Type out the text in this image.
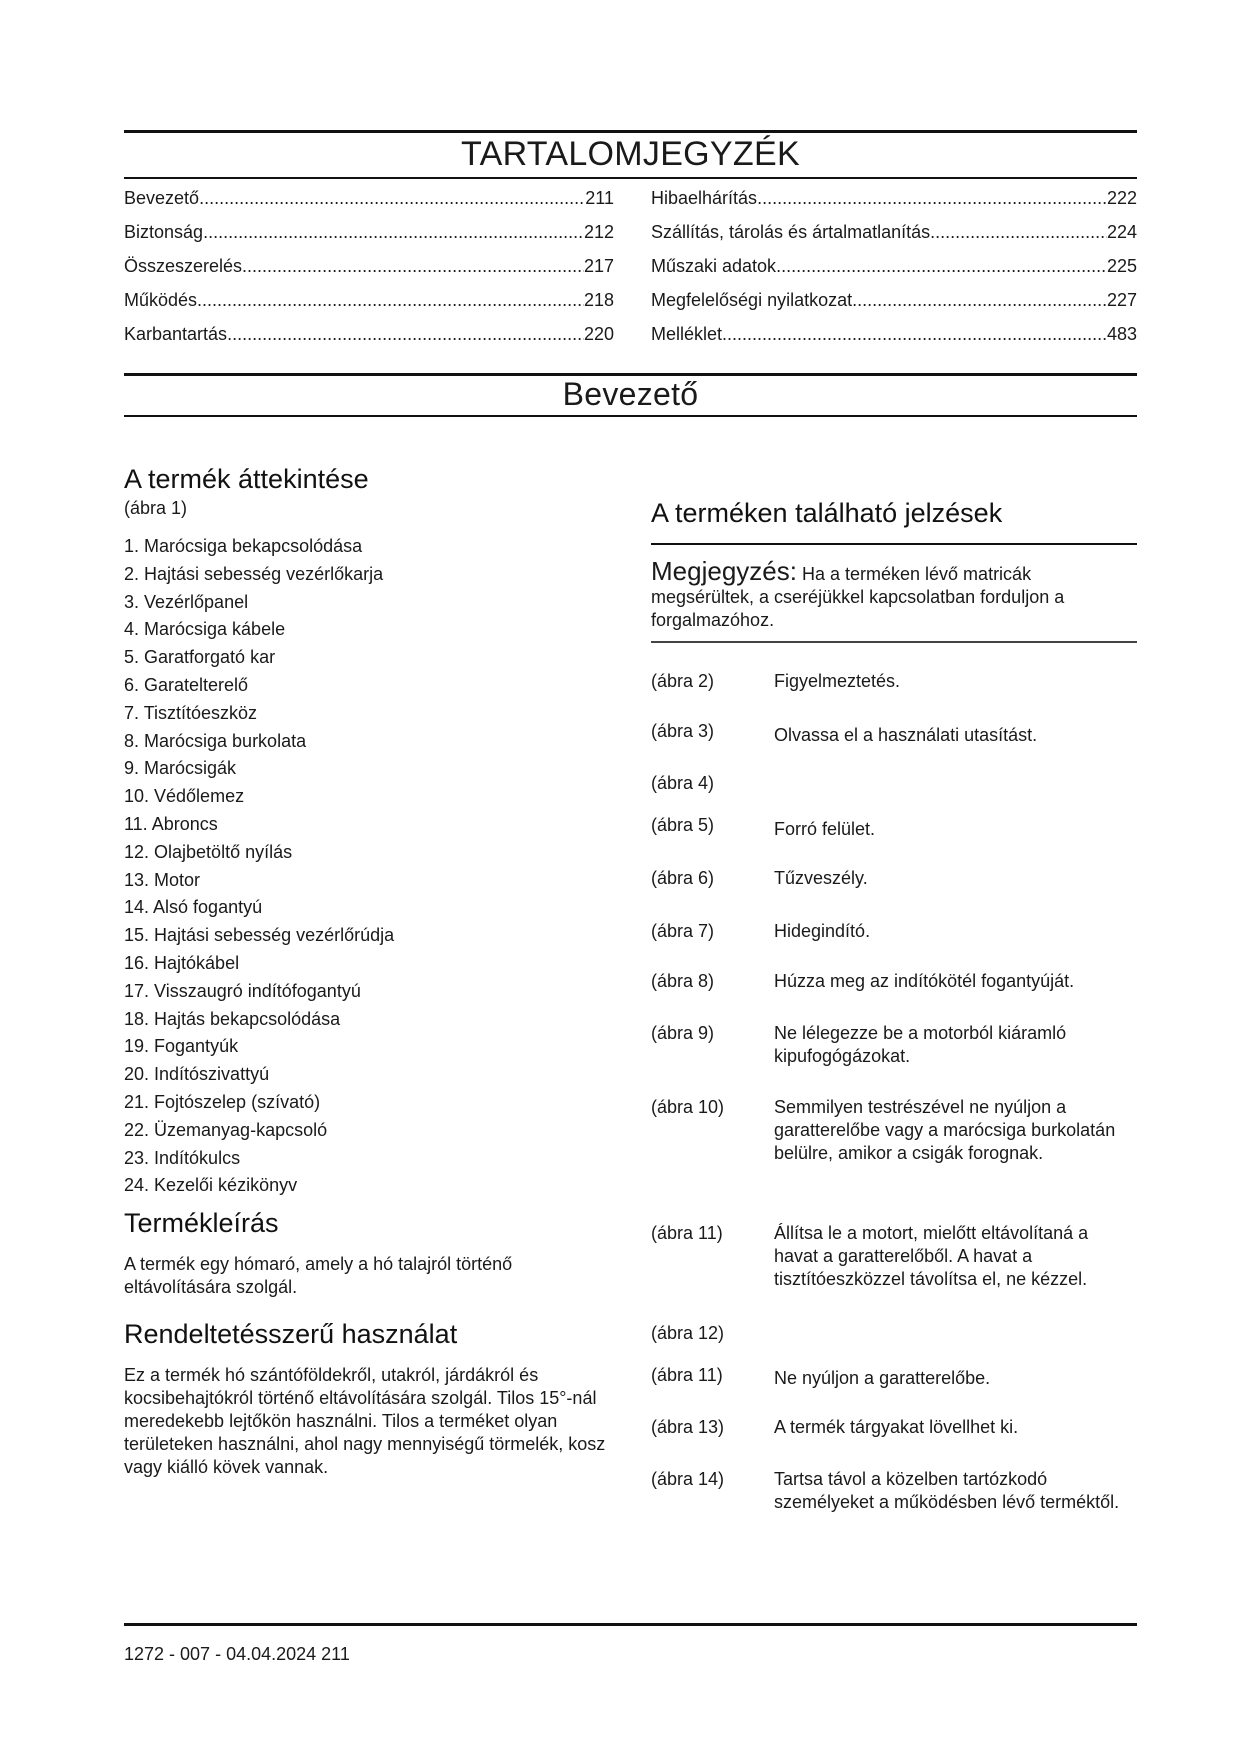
TARTALOMJEGYZÉK
Bevezető .....	211
Biztonság .....	212
Összeszerelés .....	217
Működés .....	218
Karbantartás .....	220
Hibaelhárítás .....	222
Szállítás, tárolás és ártalmatlanítás .....	224
Műszaki adatok .....	225
Megfelelőségi nyilatkozat .....	227
Melléklet .....	483
Bevezető
A termék áttekintése
(ábra 1)
1. Marócsiga bekapcsolódása
2. Hajtási sebesség vezérlőkarja
3. Vezérlőpanel
4. Marócsiga kábele
5. Garatforgató kar
6. Garatelterelő
7. Tisztítóeszköz
8. Marócsiga burkolata
9. Marócsigák
10. Védőlemez
11. Abroncs
12. Olajbetöltő nyílás
13. Motor
14. Alsó fogantyú
15. Hajtási sebesség vezérlőrúdja
16. Hajtókábel
17. Visszaugró indítófogantyú
18. Hajtás bekapcsolódása
19. Fogantyúk
20. Indítószivattyú
21. Fojtószelep (szívató)
22. Üzemanyag-kapcsoló
23. Indítókulcs
24. Kezelői kézikönyv
Termékleírás

A termék egy hómaró, amely a hó talajról történő eltávolítására szolgál.

Rendeltetésszerű használat

Ez a termék hó szántóföldekről, utakról, járdákról és kocsibehajtókról történő eltávolítására szolgál. Tilos 15°-nál meredekebb lejtőkön használni. Tilos a terméket olyan területeken használni, ahol nagy mennyiségű törmelék, kosz vagy kiálló kövek vannak.

A terméken található jelzések

Megjegyzés: Ha a terméken lévő matricák megsérültek, a cseréjükkel kapcsolatban forduljon a forgalmazóhoz.

(ábra 2)	Figyelmeztetés.
(ábra 3)	Olvassa el a használati utasítást.
(ábra 4)
(ábra 5)	Forró felület.
(ábra 6)	Tűzveszély.
(ábra 7)	Hidegindító.
(ábra 8)	Húzza meg az indítókötél fogantyúját.
(ábra 9)	Ne lélegezze be a motorból kiáramló kipufogógázokat.
(ábra 10)	Semmilyen testrészével ne nyúljon a garatterelőbe vagy a marócsiga burkolatán belülre, amikor a csigák forognak.
(ábra 11)	Állítsa le a motort, mielőtt eltávolítaná a havat a garatterelőből. A havat a tisztítóeszközzel távolítsa el, ne kézzel.
(ábra 12)
(ábra 11)	Ne nyúljon a garatterelőbe.
(ábra 13)	A termék tárgyakat lövellhet ki.
(ábra 14)	Tartsa távol a közelben tartózkodó személyeket a működésben lévő terméktől.
1272 - 007 - 04.04.2024 211
